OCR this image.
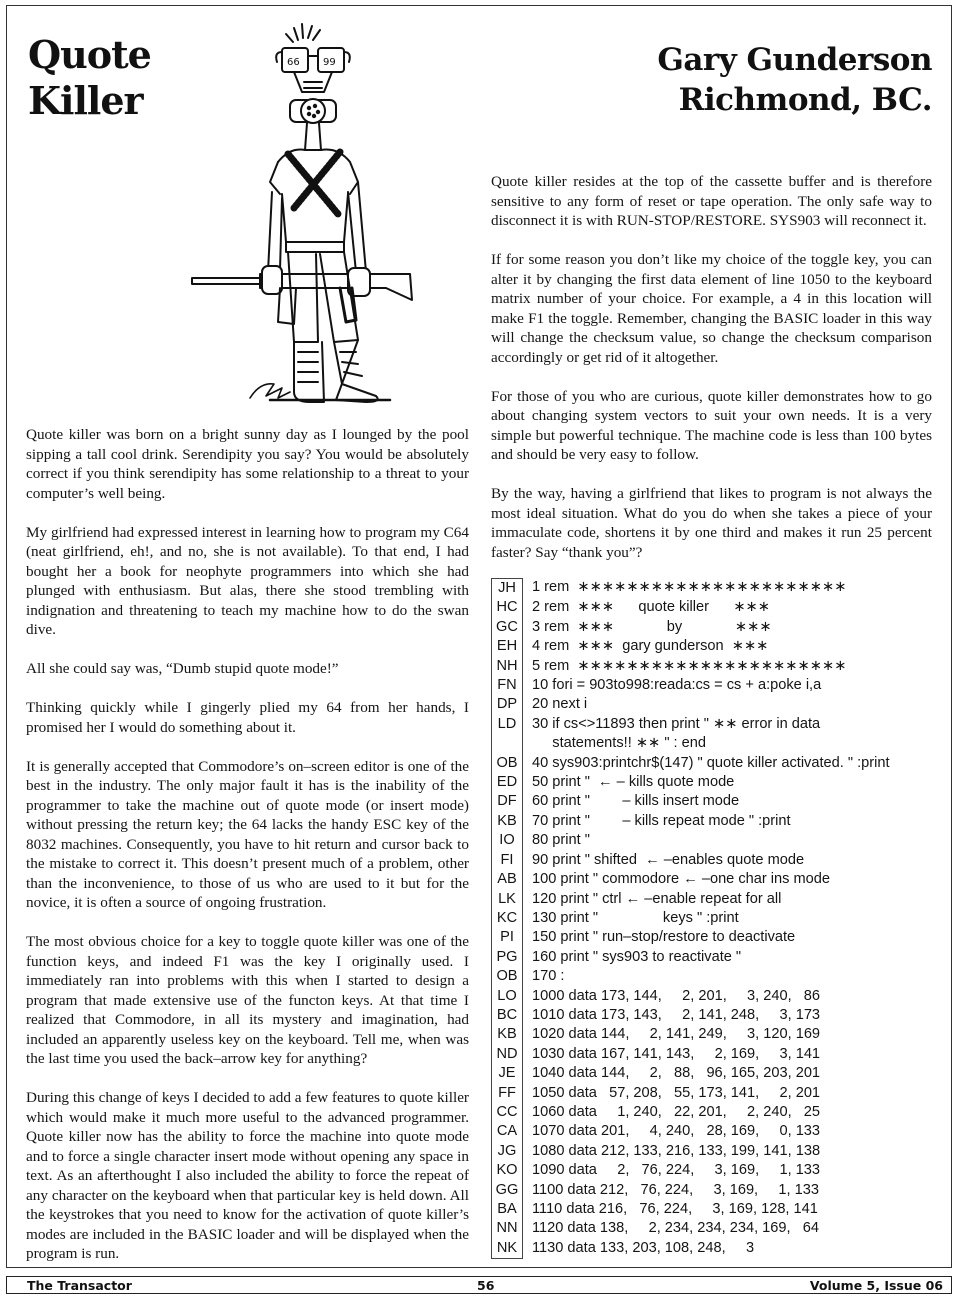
Quote
Killer
Gary Gunderson
Richmond, BC.
66 99

Quote killer resides at the top of the cassette buffer and is therefore sensitive to any form of reset or tape operation. The only safe way to disconnect it is with RUN-STOP/RESTORE. SYS903 will reconnect it.

If for some reason you don’t like my choice of the toggle key, you can alter it by changing the first data element of line 1050 to the keyboard matrix number of your choice. For example, a 4 in this location will make F1 the toggle. Remember, changing the BASIC loader in this way will change the checksum value, so change the checksum comparison accordingly or get rid of it altogether.

For those of you who are curious, quote killer demonstrates how to go about changing system vectors to suit your own needs. It is a very simple but powerful technique. The machine code is less than 100 bytes and should be very easy to follow.

By the way, having a girlfriend that likes to program is not always the most ideal situation. What do you do when she takes a piece of your immaculate code, shortens it by one third and makes it run 25 percent faster? Say “thank you”?

Quote killer was born on a bright sunny day as I lounged by the pool sipping a tall cool drink. Serendipity you say? You would be absolutely correct if you think serendipity has some relationship to a threat to your computer’s well being.

My girlfriend had expressed interest in learning how to program my C64 (neat girlfriend, eh!, and no, she is not available). To that end, I had bought her a book for neophyte programmers into which she had plunged with enthusiasm. But alas, there she stood trembling with indignation and threatening to teach my machine how to do the swan dive.

All she could say was, “Dumb stupid quote mode!”

Thinking quickly while I gingerly plied my 64 from her hands, I promised her I would do something about it.

It is generally accepted that Commodore’s on–screen editor is one of the best in the industry. The only major fault it has is the inability of the programmer to take the machine out of quote mode (or insert mode) without pressing the return key; the 64 lacks the handy ESC key of the 8032 machines. Consequently, you have to hit return and cursor back to the mistake to correct it. This doesn’t present much of a problem, other than the inconvenience, to those of us who are used to it but for the novice, it is often a source of ongoing frustration.

The most obvious choice for a key to toggle quote killer was one of the function keys, and indeed F1 was the key I originally used. I immediately ran into problems with this when I started to design a program that made extensive use of the functon keys. At that time I realized that Commodore, in all its mystery and imagination, had included an apparently useless key on the keyboard. Tell me, when was the last time you used the back–arrow key for anything?

During this change of keys I decided to add a few features to quote killer which would make it much more useful to the advanced programmer. Quote killer now has the ability to force the machine into quote mode and to force a single character insert mode without opening any space in text. As an afterthought I also included the ability to force the repeat of any character on the keyboard when that particular key is held down. All the keystrokes that you need to know for the activation of quote killer’s modes are included in the BASIC loader and will be displayed when the program is run.

JH	1 rem  ∗∗∗∗∗∗∗∗∗∗∗∗∗∗∗∗∗∗∗∗∗∗
HC 2 rem  ∗∗∗      quote killer      ∗∗∗
GC 3 rem  ∗∗∗             by             ∗∗∗
EH	4 rem  ∗∗∗  gary gunderson  ∗∗∗
NH 5 rem  ∗∗∗∗∗∗∗∗∗∗∗∗∗∗∗∗∗∗∗∗∗∗
FN	10 fori = 903to998:reada:cs = cs + a:poke i,a
DP	20 next i
LD	30 if cs<>11893 then print " ∗∗ error in data
statements!! ∗∗ " : end
OB 40 sys903:printchr$(147) " quote killer activated. " :print
ED	50 print "  ← – kills quote mode
DF	60 print "        – kills insert mode
KB	70 print "        – kills repeat mode " :print
IO	80 print "
FI	90 print " shifted  ← –enables quote mode
AB	100 print " commodore ← –one char ins mode
LK	120 print " ctrl ← –enable repeat for all
KC	130 print "                keys " :print
PI	150 print " run–stop/restore to deactivate
PG 160 print " sys903 to reactivate "
OB 170 :
LO	1000 data 173, 144,     2, 201,     3, 240,   86
BC	1010 data 173, 143,     2, 141, 248,     3, 173
KB	1020 data 144,     2, 141, 249,     3, 120, 169
ND 1030 data 167, 141, 143,     2, 169,     3, 141
JE	1040 data 144,     2,   88,   96, 165, 203, 201
FF	1050 data   57, 208,   55, 173, 141,     2, 201
CC 1060 data     1, 240,   22, 201,     2, 240,   25
CA	1070 data 201,     4, 240,   28, 169,     0, 133
JG	1080 data 212, 133, 216, 133, 199, 141, 138
KO 1090 data     2,   76, 224,     3, 169,     1, 133
GG 1100 data 212,   76, 224,     3, 169,     1, 133
BA	1110 data 216,   76, 224,     3, 169, 128, 141
NN 1120 data 138,     2, 234, 234, 234, 169,   64
NK	1130 data 133, 203, 108, 248,     3
The Transactor	56	Volume 5, Issue 06
